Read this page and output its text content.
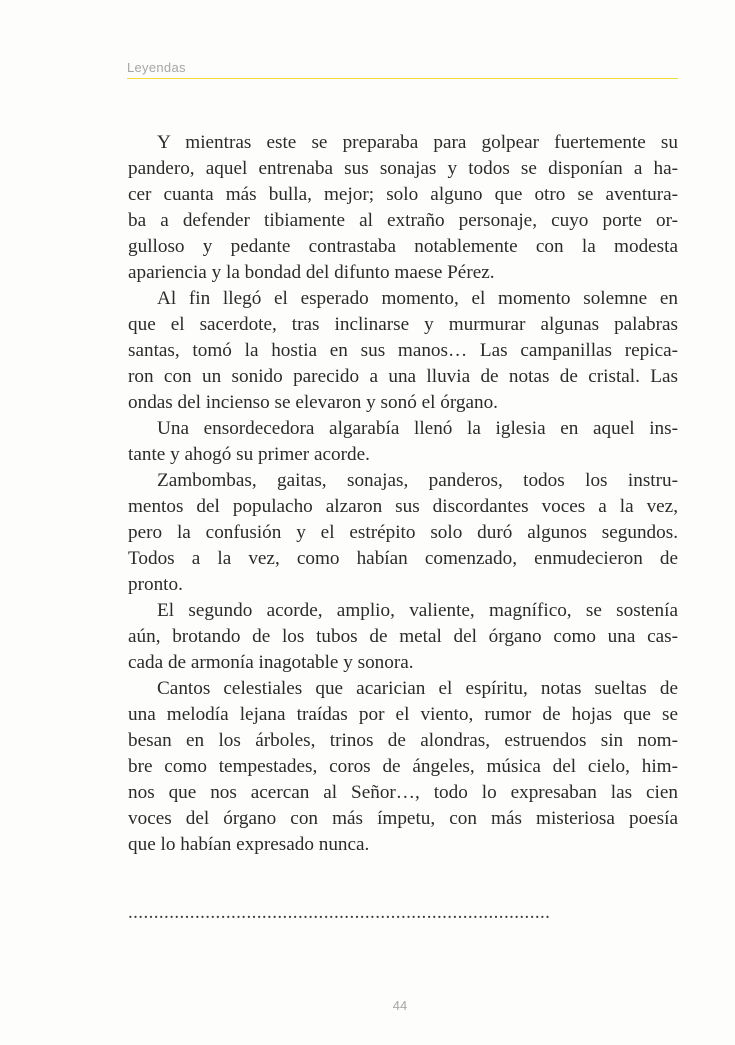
Leyendas
Y mientras este se preparaba para golpear fuertemente su
pandero, aquel entrenaba sus sonajas y todos se disponían a ha-
cer cuanta más bulla, mejor; solo alguno que otro se aventura-
ba a defender tibiamente al extraño personaje, cuyo porte or-
gulloso y pedante contrastaba notablemente con la modesta
apariencia y la bondad del difunto maese Pérez.
Al fin llegó el esperado momento, el momento solemne en
que el sacerdote, tras inclinarse y murmurar algunas palabras
santas, tomó la hostia en sus manos… Las campanillas repica-
ron con un sonido parecido a una lluvia de notas de cristal. Las
ondas del incienso se elevaron y sonó el órgano.
Una ensordecedora algarabía llenó la iglesia en aquel ins-
tante y ahogó su primer acorde.
Zambombas, gaitas, sonajas, panderos, todos los instru-
mentos del populacho alzaron sus discordantes voces a la vez,
pero la confusión y el estrépito solo duró algunos segundos.
Todos a la vez, como habían comenzado, enmudecieron de
pronto.
El segundo acorde, amplio, valiente, magnífico, se sostenía
aún, brotando de los tubos de metal del órgano como una cas-
cada de armonía inagotable y sonora.
Cantos celestiales que acarician el espíritu, notas sueltas de
una melodía lejana traídas por el viento, rumor de hojas que se
besan en los árboles, trinos de alondras, estruendos sin nom-
bre como tempestades, coros de ángeles, música del cielo, him-
nos que nos acercan al Señor…, todo lo expresaban las cien
voces del órgano con más ímpetu, con más misteriosa poesía
que lo habían expresado nunca.
..................................................................................
44
